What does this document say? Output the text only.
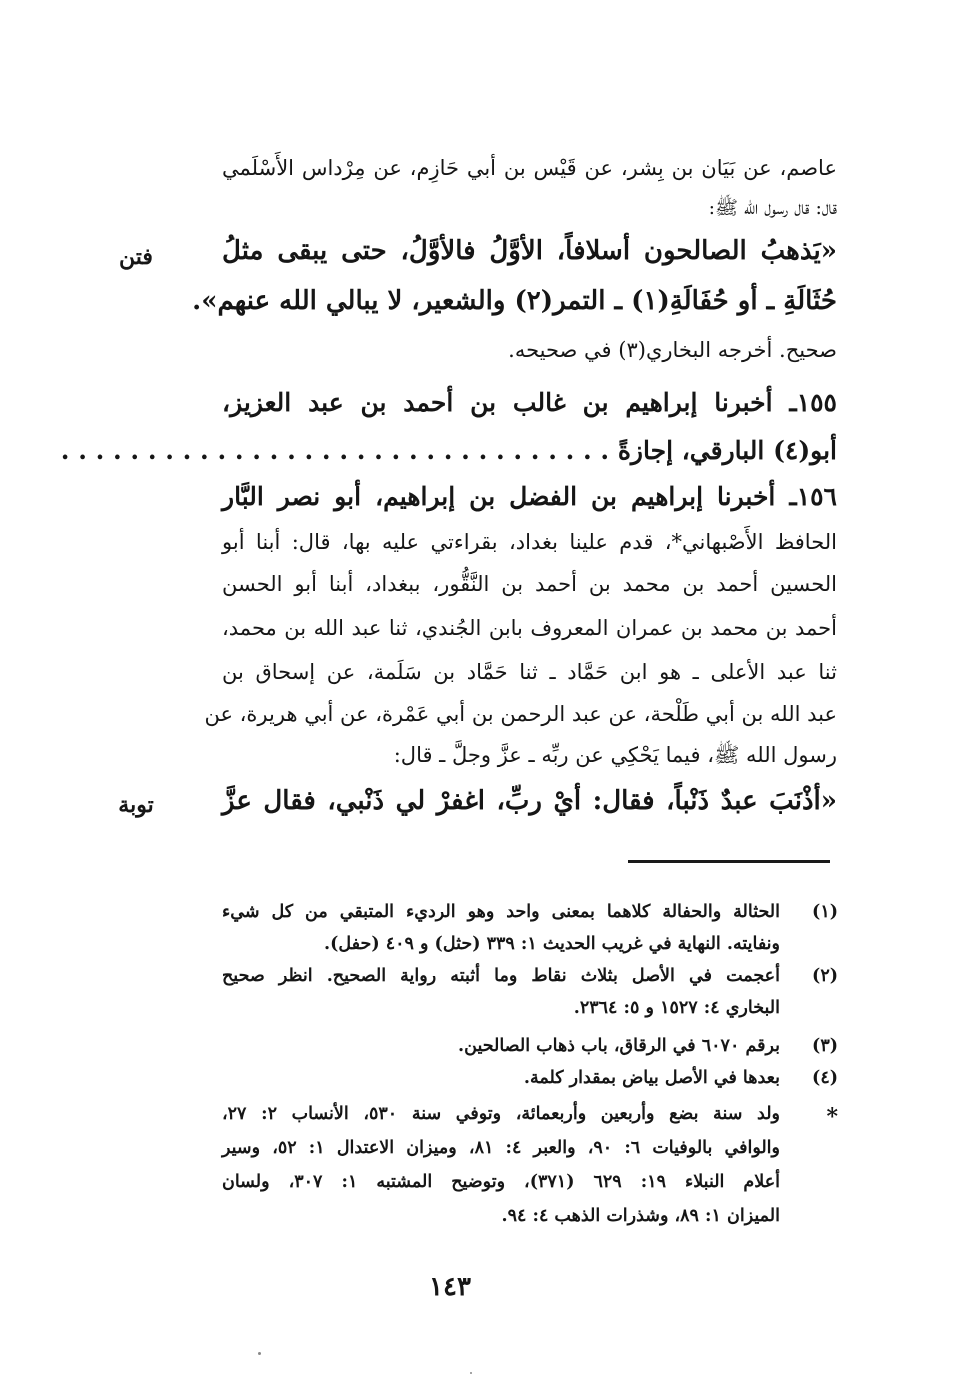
عاصم، عن بَيَان بن بِشر، عن قَيْس بن أبي حَازِم، عن مِرْداس الأَسْلَمي
قال: قال رسول الله ﷺ:
«يَذهبُ الصالحون أسلافاً، الأوَّلُ فالأوَّلُ، حتى يبقى مثلُ
فتن
حُثَالَةِ ـ أو حُفَالَةِ(١) ـ التمر(٢) والشعير، لا يبالي الله عنهم».
صحيح. أخرجه البخاري(٣) في صحيحه.
١٥٥ـ أخبرنا إبراهيم بن غالب بن أحمد بن عبد العزيز،
أبو(٤) البارقي، إجازةً . . . . . . . . . . . . . . . . . . . . . . . . . . . . . . . .
١٥٦ـ أخبرنا إبراهيم بن الفضل بن إبراهيم، أبو نصر البَّار
الحافظ الأَصْبهاني*، قدم علينا بغداد، بقراءتي عليه بها، قال: أبنا أبو
الحسين أحمد بن محمد بن أحمد بن النَّقُّور، ببغداد، أبنا أبو الحسن
أحمد بن محمد بن عمران المعروف بابن الجُندي، ثنا عبد الله بن محمد،
ثنا عبد الأعلى ـ هو ابن حَمَّاد ـ ثنا حَمَّاد بن سَلَمة، عن إسحاق بن
عبد الله بن أبي طَلْحة، عن عبد الرحمن بن أبي عَمْرة، عن أبي هريرة، عن
رسول الله ﷺ، فيما يَحْكِي عن ربِّه ـ عزَّ وجلَّ ـ قال:
«أذْنَبَ عبدٌ ذَنْباً، فقال: أيْ ربِّ، اغفرْ لي ذَنْبي، فقال عزَّ
توبة
(١)
الحثالة والحفالة كلاهما بمعنى واحد وهو الرديء المتبقي من كل شيء
ونفايته. النهاية في غريب الحديث ١: ٣٣٩ (حثل) و ٤٠٩ (حفل).
(٢)
أعجمت في الأصل بثلاث نقاط وما أثبته رواية الصحيح. انظر صحيح
البخاري ٤: ١٥٢٧ و ٥: ٢٣٦٤.
(٣)
برقم ٦٠٧٠ في الرقاق، باب ذهاب الصالحين.
(٤)
بعدها في الأصل بياض بمقدار كلمة.
*
ولد سنة بضع وأربعين وأربعمائة، وتوفي سنة ٥٣٠، الأنساب ٢: ٢٧،
والوافي بالوفيات ٦: ٩٠، والعبر ٤: ٨١، وميزان الاعتدال ١: ٥٢، وسير
أعلام النبلاء ١٩: ٦٢٩ (٣٧١)، وتوضيح المشتبه ١: ٣٠٧، ولسان
الميزان ١: ٨٩، وشذرات الذهب ٤: ٩٤.
١٤٣
